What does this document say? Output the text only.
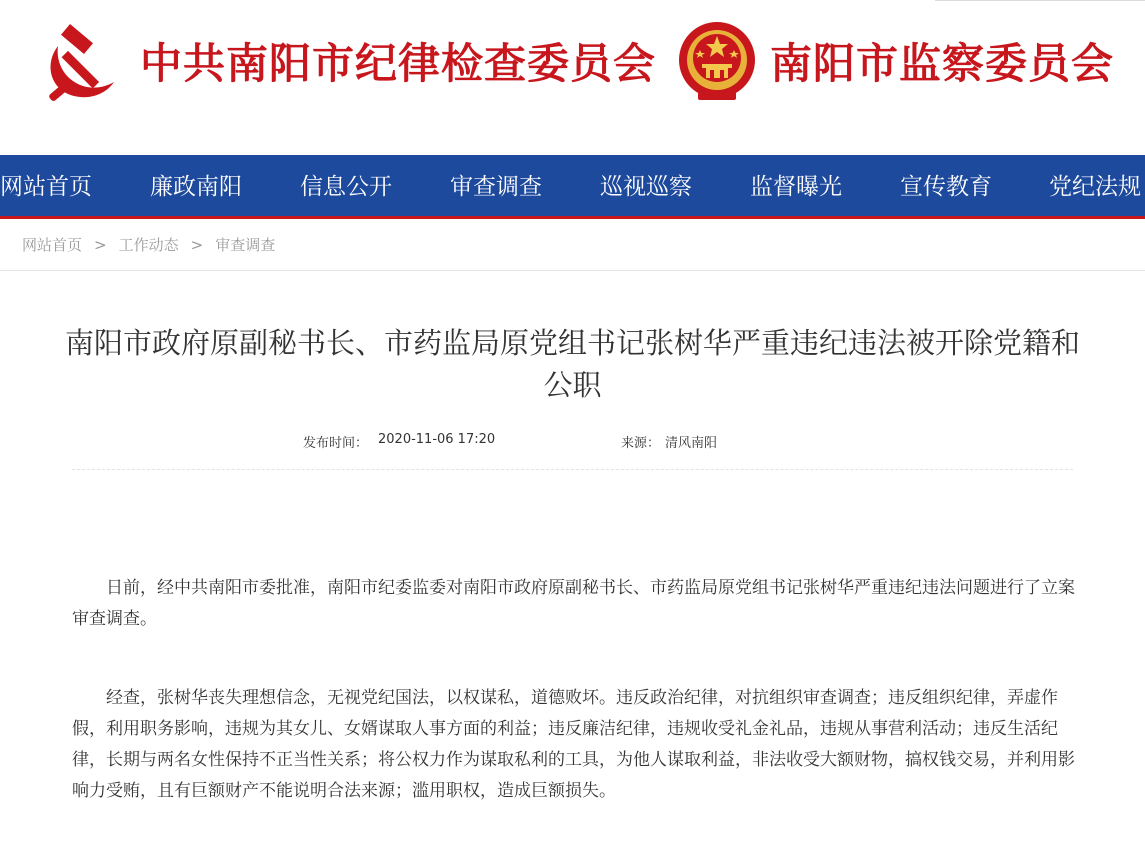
中共南阳市纪律检查委员会	南阳市监察委员会
网站首页	廉政南阳	信息公开	审查调查	巡视巡察	监督曝光	宣传教育 党纪法规
网站首页 > 工作动态 > 审查调查
南阳市政府原副秘书长、市药监局原党组书记张树华严重违纪违法被开除党籍和公职
发布时间： 2020-11-06 17:20	来源： 清风南阳

日前，经中共南阳市委批准，南阳市纪委监委对南阳市政府原副秘书长、市药监局原党组书记张树华严重违纪违法问题进行了立案审查调查。

经查，张树华丧失理想信念，无视党纪国法，以权谋私，道德败坏。违反政治纪律，对抗组织审查调查；违反组织纪律，弄虚作假，利用职务影响，违规为其女儿、女婿谋取人事方面的利益；违反廉洁纪律，违规收受礼金礼品，违规从事营利活动；违反生活纪律，长期与两名女性保持不正当性关系；将公权力作为谋取私利的工具，为他人谋取利益，非法收受大额财物，搞权钱交易，并利用影响力受贿，且有巨额财产不能说明合法来源；滥用职权，造成巨额损失。
